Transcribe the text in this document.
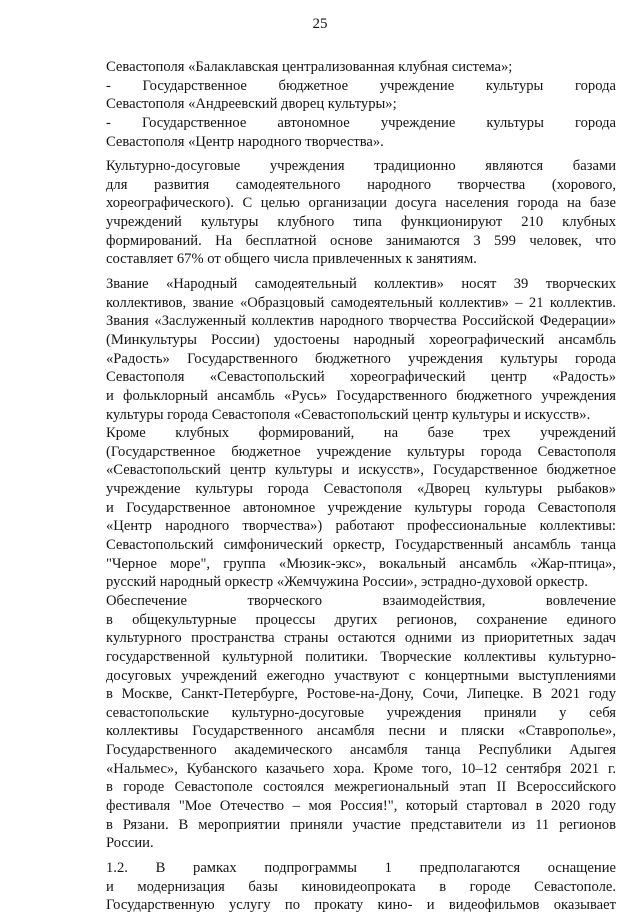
25
Севастополя «Балаклавская централизованная клубная система»;
- Государственное бюджетное учреждение культуры города
Севастополя «Андреевский дворец культуры»;
- Государственное автономное учреждение культуры города
Севастополя «Центр народного творчества».
Культурно-досуговые учреждения традиционно являются базами
для развития самодеятельного народного творчества (хорового,
хореографического). С целью организации досуга населения города на базе
учреждений культуры клубного типа функционируют 210 клубных
формирований. На бесплатной основе занимаются 3 599 человек, что
составляет 67% от общего числа привлеченных к занятиям.
Звание «Народный самодеятельный коллектив» носят 39 творческих
коллективов, звание «Образцовый самодеятельный коллектив» – 21 коллектив.
Звания «Заслуженный коллектив народного творчества Российской Федерации»
(Минкультуры России) удостоены народный хореографический ансамбль
«Радость» Государственного бюджетного учреждения культуры города
Севастополя «Севастопольский хореографический центр «Радость»
и фольклорный ансамбль «Русь» Государственного бюджетного учреждения
культуры города Севастополя «Севастопольский центр культуры и искусств».
Кроме клубных формирований, на базе трех учреждений
(Государственное бюджетное учреждение культуры города Севастополя
«Севастопольский центр культуры и искусств», Государственное бюджетное
учреждение культуры города Севастополя «Дворец культуры рыбаков»
и Государственное автономное учреждение культуры города Севастополя
«Центр народного творчества») работают профессиональные коллективы:
Севастопольский симфонический оркестр, Государственный ансамбль танца
"Черное море", группа «Мюзик-экс», вокальный ансамбль «Жар-птица»,
русский народный оркестр «Жемчужина России», эстрадно-духовой оркестр.
Обеспечение творческого взаимодействия, вовлечение
в общекультурные процессы других регионов, сохранение единого
культурного пространства страны остаются одними из приоритетных задач
государственной культурной политики. Творческие коллективы культурно-
досуговых учреждений ежегодно участвуют с концертными выступлениями
в Москве, Санкт-Петербурге, Ростове-на-Дону, Сочи, Липецке. В 2021 году
севастопольские культурно-досуговые учреждения приняли у себя
коллективы Государственного ансамбля песни и пляски «Ставрополье»,
Государственного академического ансамбля танца Республики Адыгея
«Нальмес», Кубанского казачьего хора. Кроме того, 10–12 сентября 2021 г.
в городе Севастополе состоялся межрегиональный этап II Всероссийского
фестиваля "Мое Отечество – моя Россия!", который стартовал в 2020 году
в Рязани. В мероприятии приняли участие представители из 11 регионов
России.
1.2. В рамках подпрограммы 1 предполагаются оснащение
и модернизация базы киновидеопроката в городе Севастополе.
Государственную услугу по прокату кино- и видеофильмов оказывает
